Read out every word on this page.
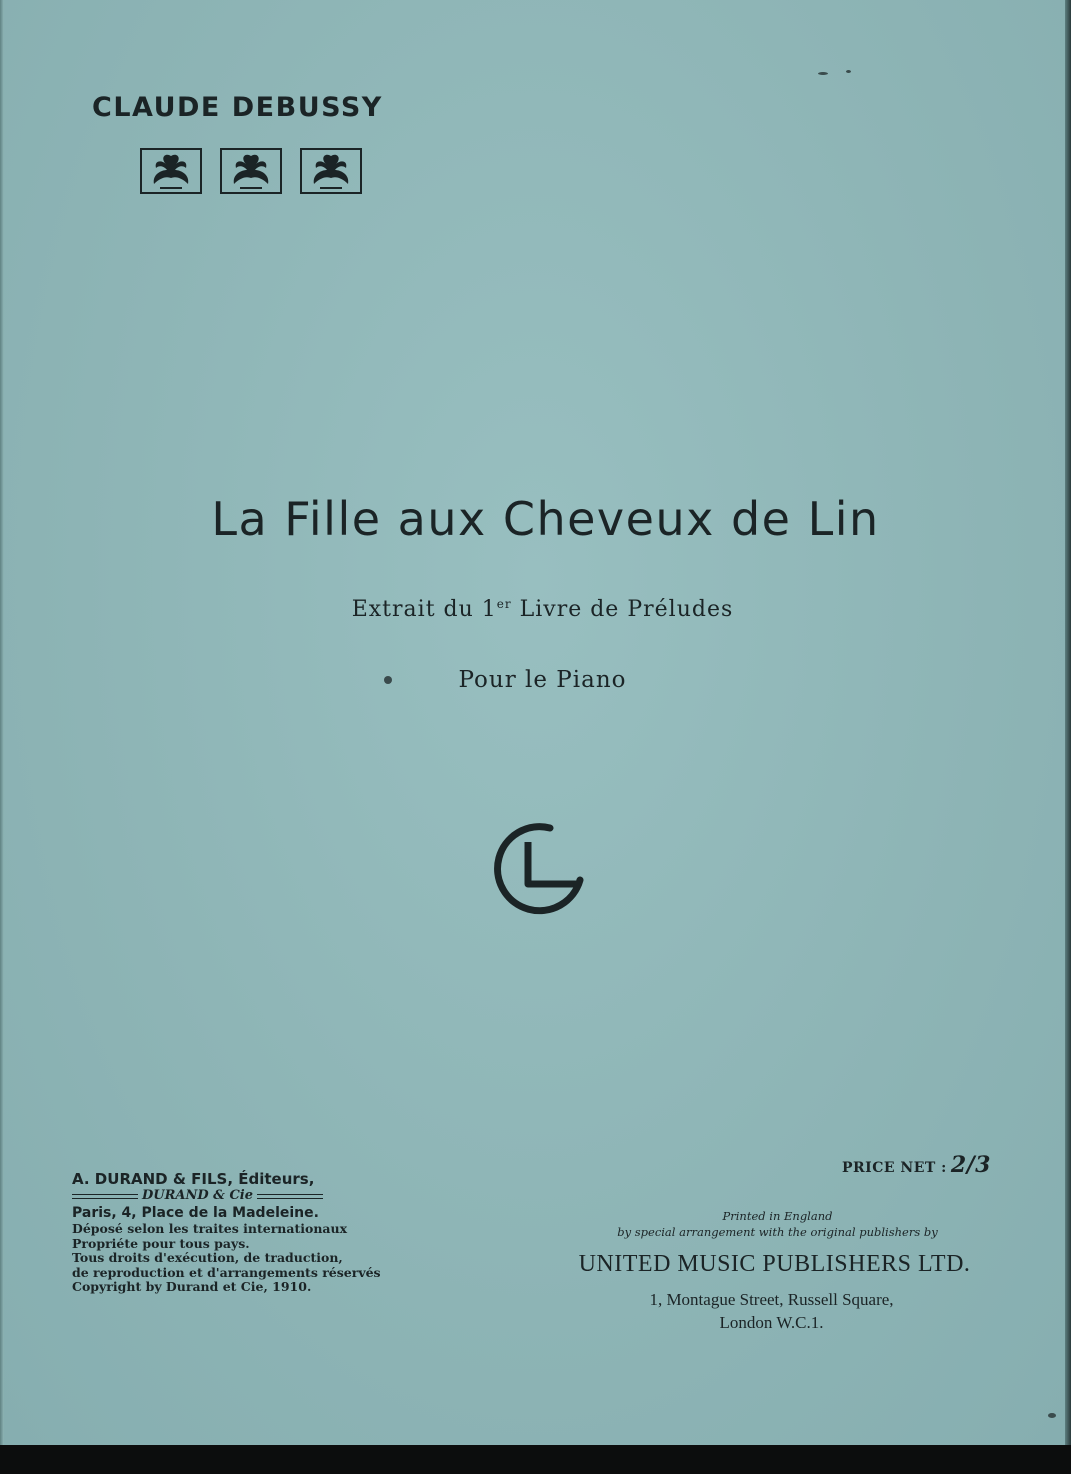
CLAUDE DEBUSSY
La Fille aux Cheveux de Lin
Extrait du 1er Livre de Préludes
Pour le Piano
PRICE NET : 2/3
A. DURAND & FILS, Éditeurs,
DURAND & Cie
Paris, 4, Place de la Madeleine.
Déposé selon les traites internationaux
Propriéte pour tous pays.
Tous droits d'exécution, de traduction,
de reproduction et d'arrangements réservés
Copyright by Durand et Cie, 1910.
Printed in England
by special arrangement with the original publishers by
UNITED MUSIC PUBLISHERS LTD.
1, Montague Street, Russell Square,
London W.C.1.
